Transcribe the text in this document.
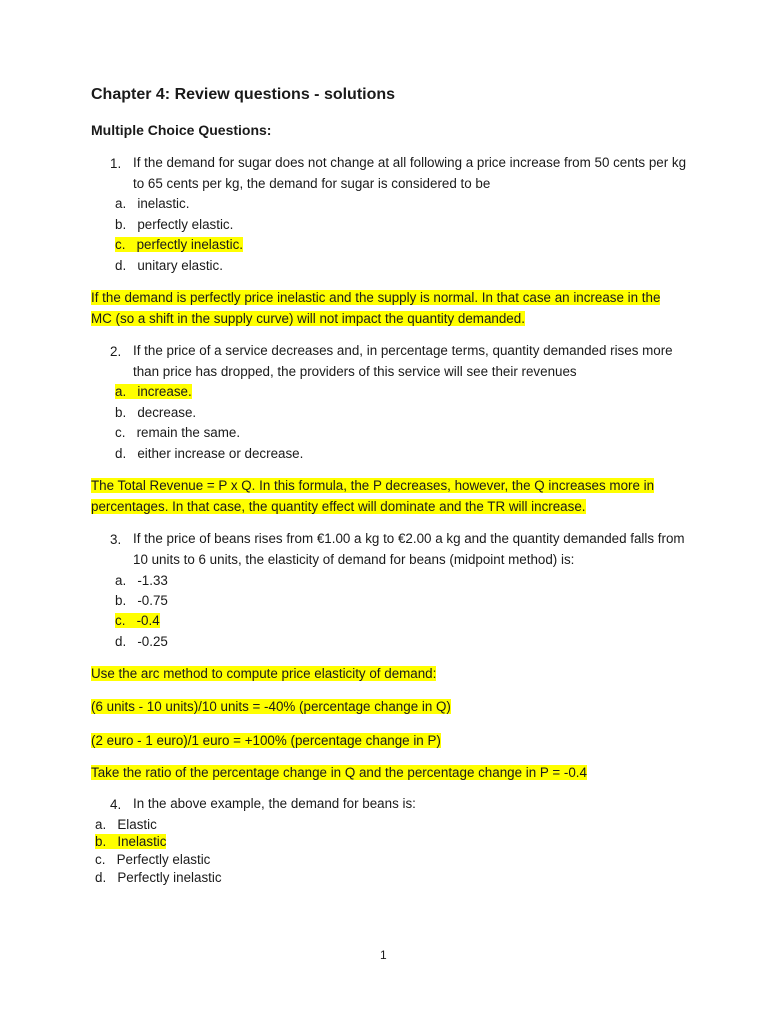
Chapter 4: Review questions - solutions
Multiple Choice Questions:
1. If the demand for sugar does not change at all following a price increase from 50 cents per kg to 65 cents per kg, the demand for sugar is considered to be
a. inelastic.
b. perfectly elastic.
c. perfectly inelastic.
d. unitary elastic.
If the demand is perfectly price inelastic and the supply is normal. In that case an increase in the MC (so a shift in the supply curve) will not impact the quantity demanded.
2. If the price of a service decreases and, in percentage terms, quantity demanded rises more than price has dropped, the providers of this service will see their revenues
a. increase.
b. decrease.
c. remain the same.
d. either increase or decrease.
The Total Revenue = P x Q. In this formula, the P decreases, however, the Q increases more in percentages. In that case, the quantity effect will dominate and the TR will increase.
3. If the price of beans rises from €1.00 a kg to €2.00 a kg and the quantity demanded falls from 10 units to 6 units, the elasticity of demand for beans (midpoint method) is:
a. -1.33
b. -0.75
c. -0.4
d. -0.25
Use the arc method to compute price elasticity of demand:
(6 units - 10 units)/10 units = -40% (percentage change in Q)
(2 euro - 1 euro)/1 euro = +100% (percentage change in P)
Take the ratio of the percentage change in Q and the percentage change in P = -0.4
4. In the above example, the demand for beans is:
a. Elastic
b. Inelastic
c. Perfectly elastic
d. Perfectly inelastic
1
